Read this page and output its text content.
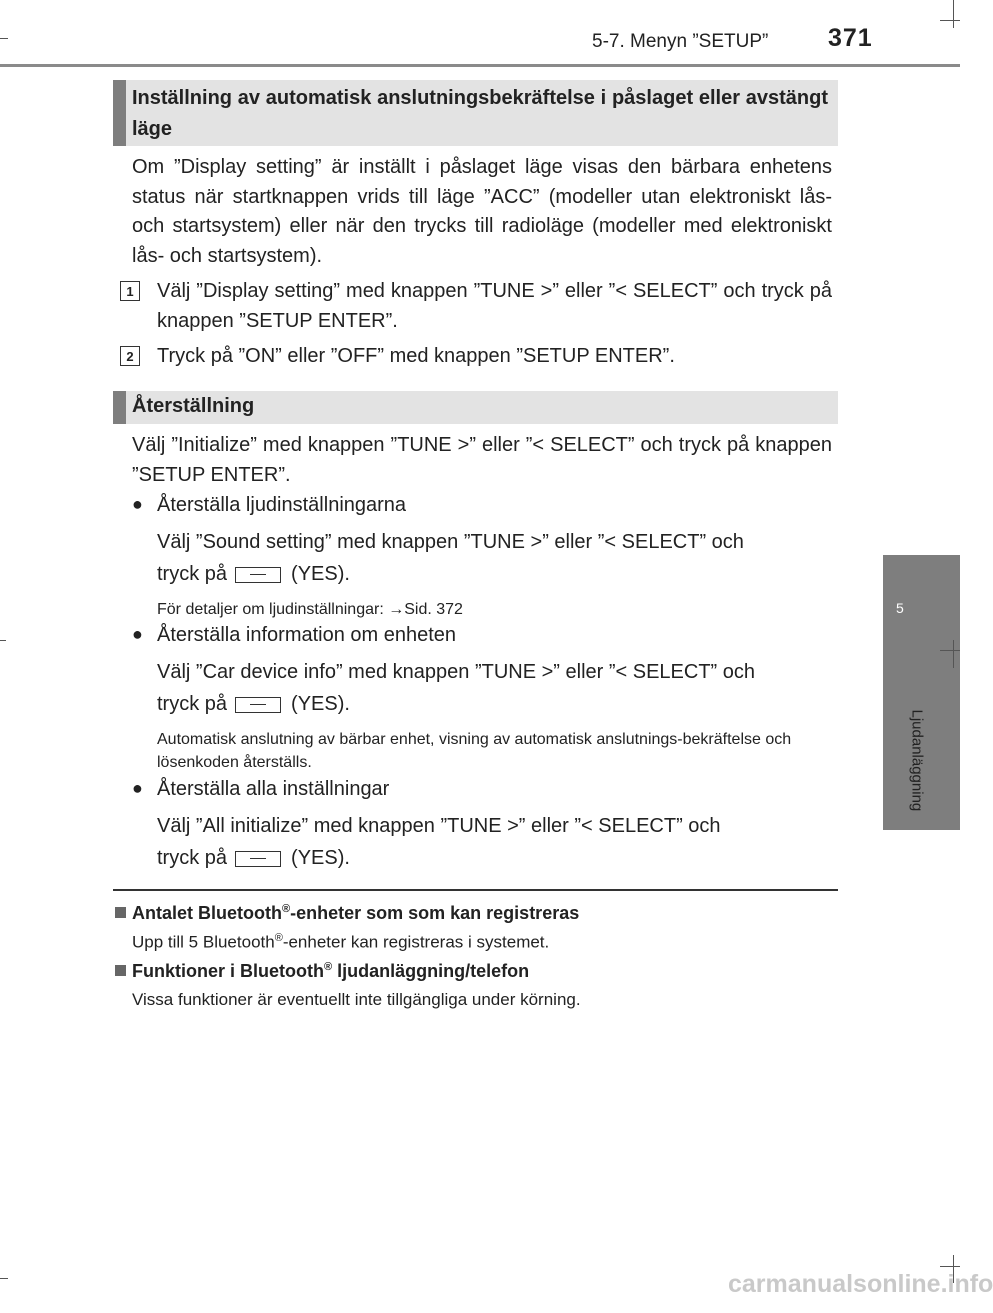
5-7. Menyn ”SETUP” 371
5
Ljudanläggning
Inställning av automatisk anslutningsbekräftelse i påslaget eller avstängt läge
Om ”Display setting” är inställt i påslaget läge visas den bärbara enhetens status när startknappen vrids till läge ”ACC” (modeller utan elektroniskt lås- och startsystem) eller när den trycks till radioläge (modeller med elektroniskt lås- och startsystem).
1	Välj ”Display setting” med knappen ”TUNE >” eller ”< SELECT” och tryck på knappen ”SETUP ENTER”.
2	Tryck på ”ON” eller ”OFF” med knappen ”SETUP ENTER”.
Återställning
Välj ”Initialize” med knappen ”TUNE >” eller ”< SELECT” och tryck på knappen ”SETUP ENTER”.
● Återställa ljudinställningarna
Välj ”Sound setting” med knappen ”TUNE >” eller ”< SELECT” och
tryck på	(YES).
För detaljer om ljudinställningar: →Sid. 372
● Återställa information om enheten
Välj ”Car device info” med knappen ”TUNE >” eller ”< SELECT” och
tryck på	(YES).
Automatisk anslutning av bärbar enhet, visning av automatisk anslutnings-bekräftelse och lösenkoden återställs.
● Återställa alla inställningar
Välj ”All initialize” med knappen ”TUNE >” eller ”< SELECT” och
tryck på	(YES).
Antalet Bluetooth®-enheter som som kan registreras
Upp till 5 Bluetooth®-enheter kan registreras i systemet.
Funktioner i Bluetooth® ljudanläggning/telefon
Vissa funktioner är eventuellt inte tillgängliga under körning.
carmanualsonline.info
